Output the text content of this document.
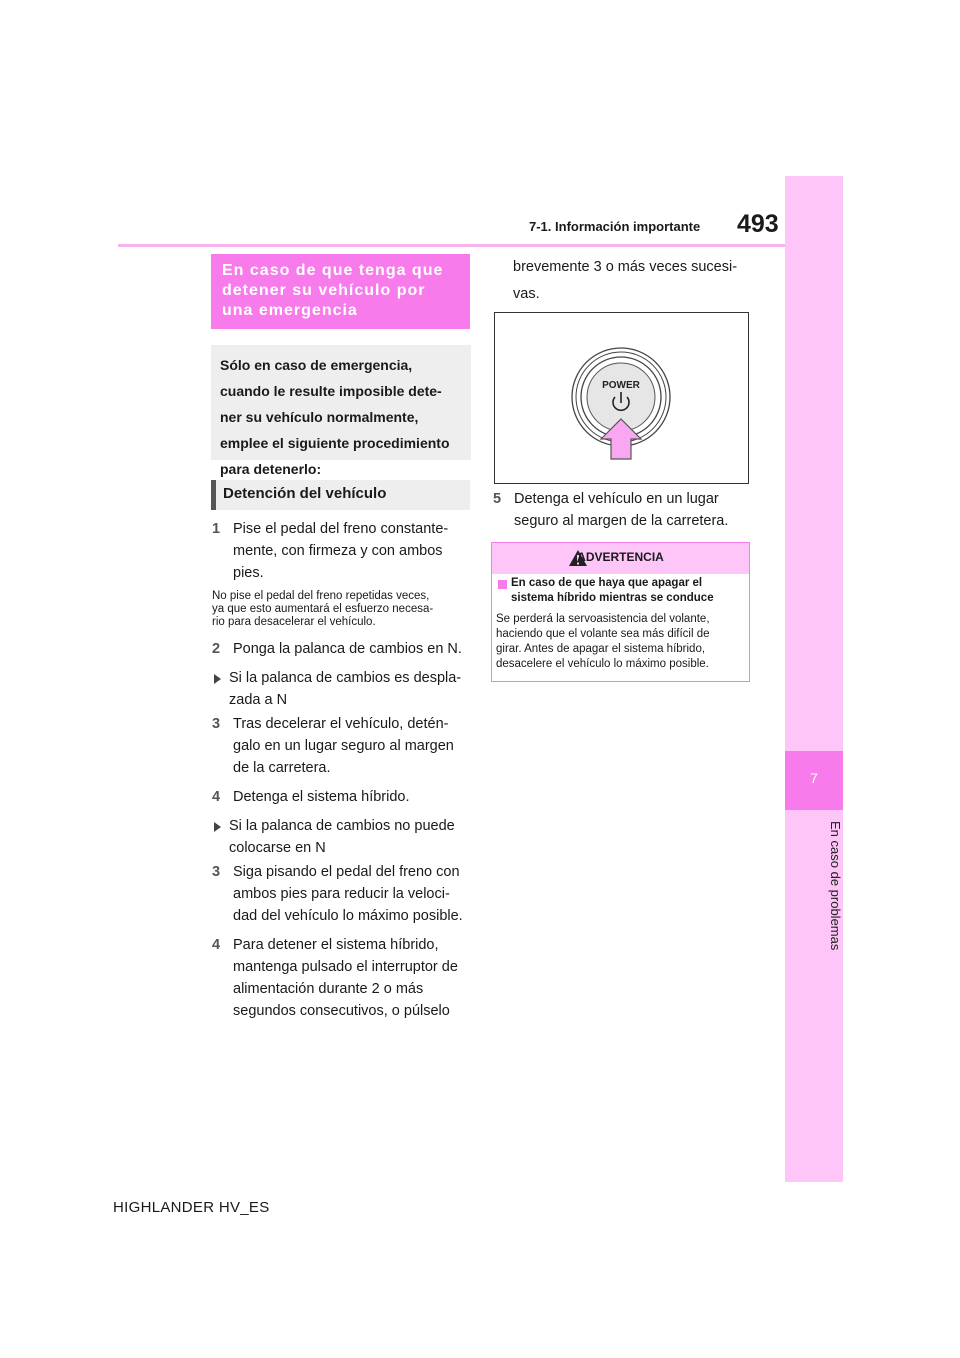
7-1. Información importante 493
7
En caso de problemas
En caso de que tenga que
detener su vehículo por
una emergencia
Sólo en caso de emergencia,
cuando le resulte imposible dete-
ner su vehículo normalmente,
emplee el siguiente procedimiento
para detenerlo:
Detención del vehículo
1 Pise el pedal del freno constante-
mente, con firmeza y con ambos
pies.
No pise el pedal del freno repetidas veces,
ya que esto aumentará el esfuerzo necesa-
rio para desacelerar el vehículo.
2 Ponga la palanca de cambios en N.
Si la palanca de cambios es despla-
zada a N
3 Tras decelerar el vehículo, detén-
galo en un lugar seguro al margen
de la carretera.
4 Detenga el sistema híbrido.
Si la palanca de cambios no puede
colocarse en N
3 Siga pisando el pedal del freno con
ambos pies para reducir la veloci-
dad del vehículo lo máximo posible.
4 Para detener el sistema híbrido,
mantenga pulsado el interruptor de
alimentación durante 2 o más
segundos consecutivos, o púlselo
brevemente 3 o más veces sucesi-
vas.
POWER
5 Detenga el vehículo en un lugar
seguro al margen de la carretera.
ADVERTENCIA
En caso de que haya que apagar el
sistema híbrido mientras se conduce
Se perderá la servoasistencia del volante,
haciendo que el volante sea más difícil de
girar. Antes de apagar el sistema híbrido,
desacelere el vehículo lo máximo posible.
HIGHLANDER HV_ES
